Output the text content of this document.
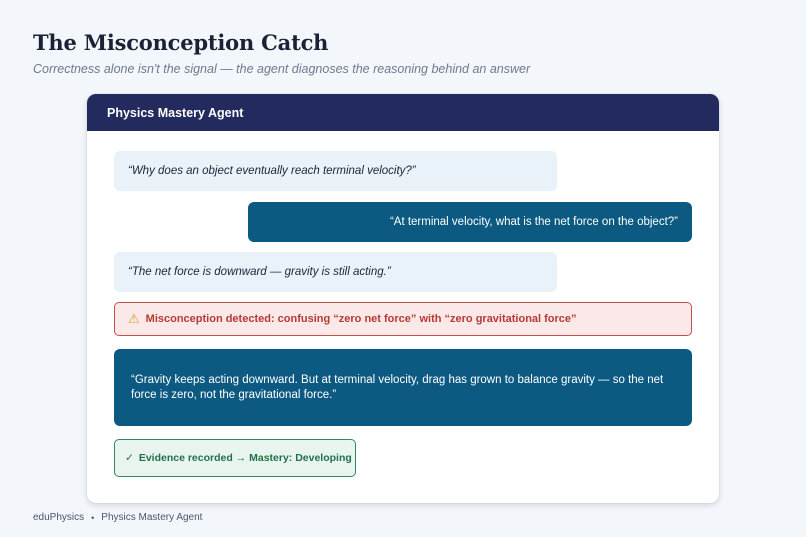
The Misconception Catch

Correctness alone isn't the signal — the agent diagnoses the reasoning behind an answer

Physics Mastery Agent
“Why does an object eventually reach terminal velocity?”
“At terminal velocity, what is the net force on the object?”
“The net force is downward — gravity is still acting.”
⚠ Misconception detected: confusing “zero net force” with “zero gravitational force”
“Gravity keeps acting downward. But at terminal velocity, drag has grown to balance gravity — so the net force is zero, not the gravitational force.”
✓ Evidence recorded → Mastery: Developing
eduPhysics • Physics Mastery Agent
